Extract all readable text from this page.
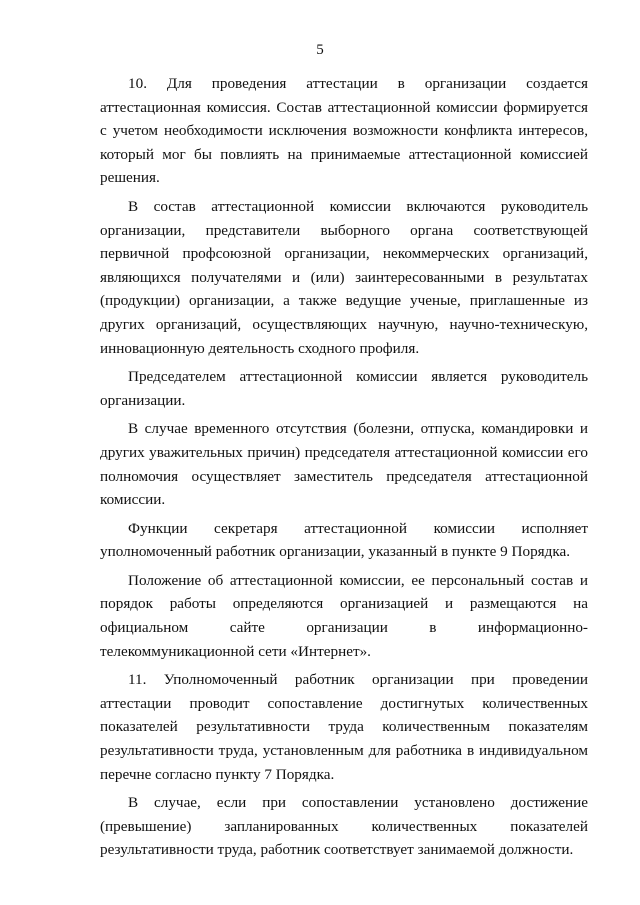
5

10. Для проведения аттестации в организации создается аттестационная комиссия. Состав аттестационной комиссии формируется с учетом необходимости исключения возможности конфликта интересов, который мог бы повлиять на принимаемые аттестационной комиссией решения.

В состав аттестационной комиссии включаются руководитель организации, представители выборного органа соответствующей первичной профсоюзной организации, некоммерческих организаций, являющихся получателями и (или) заинтересованными в результатах (продукции) организации, а также ведущие ученые, приглашенные из других организаций, осуществляющих научную, научно-техническую, инновационную деятельность сходного профиля.

Председателем аттестационной комиссии является руководитель организации.

В случае временного отсутствия (болезни, отпуска, командировки и других уважительных причин) председателя аттестационной комиссии его полномочия осуществляет заместитель председателя аттестационной комиссии.

Функции секретаря аттестационной комиссии исполняет уполномоченный работник организации, указанный в пункте 9 Порядка.

Положение об аттестационной комиссии, ее персональный состав и порядок работы определяются организацией и размещаются на официальном сайте организации в информационно-телекоммуникационной сети «Интернет».

11. Уполномоченный работник организации при проведении аттестации проводит сопоставление достигнутых количественных показателей результативности труда количественным показателям результативности труда, установленным для работника в индивидуальном перечне согласно пункту 7 Порядка.

В случае, если при сопоставлении установлено достижение (превышение) запланированных количественных показателей результативности труда, работник соответствует занимаемой должности.
